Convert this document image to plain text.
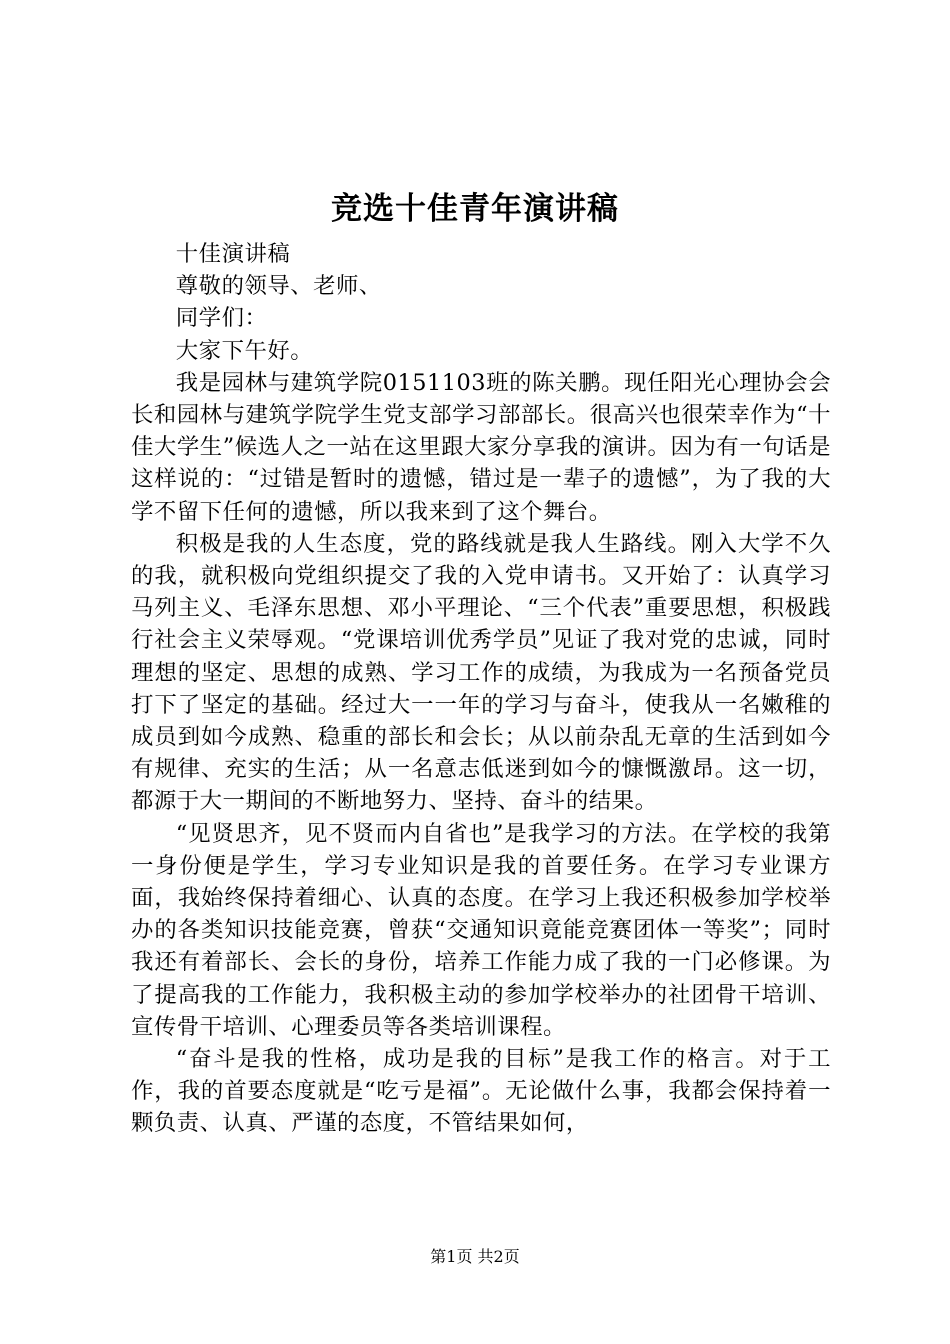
竞选十佳青年演讲稿

十佳演讲稿

尊敬的领导、老师、

同学们：

大家下午好。

我是园林与建筑学院0151103班的陈关鹏。现任阳光心理协会会长和园林与建筑学院学生党支部学习部部长。很高兴也很荣幸作为“十佳大学生”候选人之一站在这里跟大家分享我的演讲。因为有一句话是这样说的：“过错是暂时的遗憾，错过是一辈子的遗憾”，为了我的大学不留下任何的遗憾，所以我来到了这个舞台。

积极是我的人生态度，党的路线就是我人生路线。刚入大学不久的我，就积极向党组织提交了我的入党申请书。又开始了：认真学习马列主义、毛泽东思想、邓小平理论、“三个代表”重要思想，积极践行社会主义荣辱观。“党课培训优秀学员”见证了我对党的忠诚，同时理想的坚定、思想的成熟、学习工作的成绩，为我成为一名预备党员打下了坚定的基础。经过大一一年的学习与奋斗，使我从一名嫩稚的成员到如今成熟、稳重的部长和会长；从以前杂乱无章的生活到如今有规律、充实的生活；从一名意志低迷到如今的慷慨激昂。这一切，都源于大一期间的不断地努力、坚持、奋斗的结果。

“见贤思齐，见不贤而内自省也”是我学习的方法。在学校的我第一身份便是学生，学习专业知识是我的首要任务。在学习专业课方面，我始终保持着细心、认真的态度。在学习上我还积极参加学校举办的各类知识技能竞赛，曾获“交通知识竟能竞赛团体一等奖”；同时我还有着部长、会长的身份，培养工作能力成了我的一门必修课。为了提高我的工作能力，我积极主动的参加学校举办的社团骨干培训、宣传骨干培训、心理委员等各类培训课程。

“奋斗是我的性格，成功是我的目标”是我工作的格言。对于工作，我的首要态度就是“吃亏是福”。无论做什么事，我都会保持着一颗负责、认真、严谨的态度，不管结果如何，

第1页 共2页
